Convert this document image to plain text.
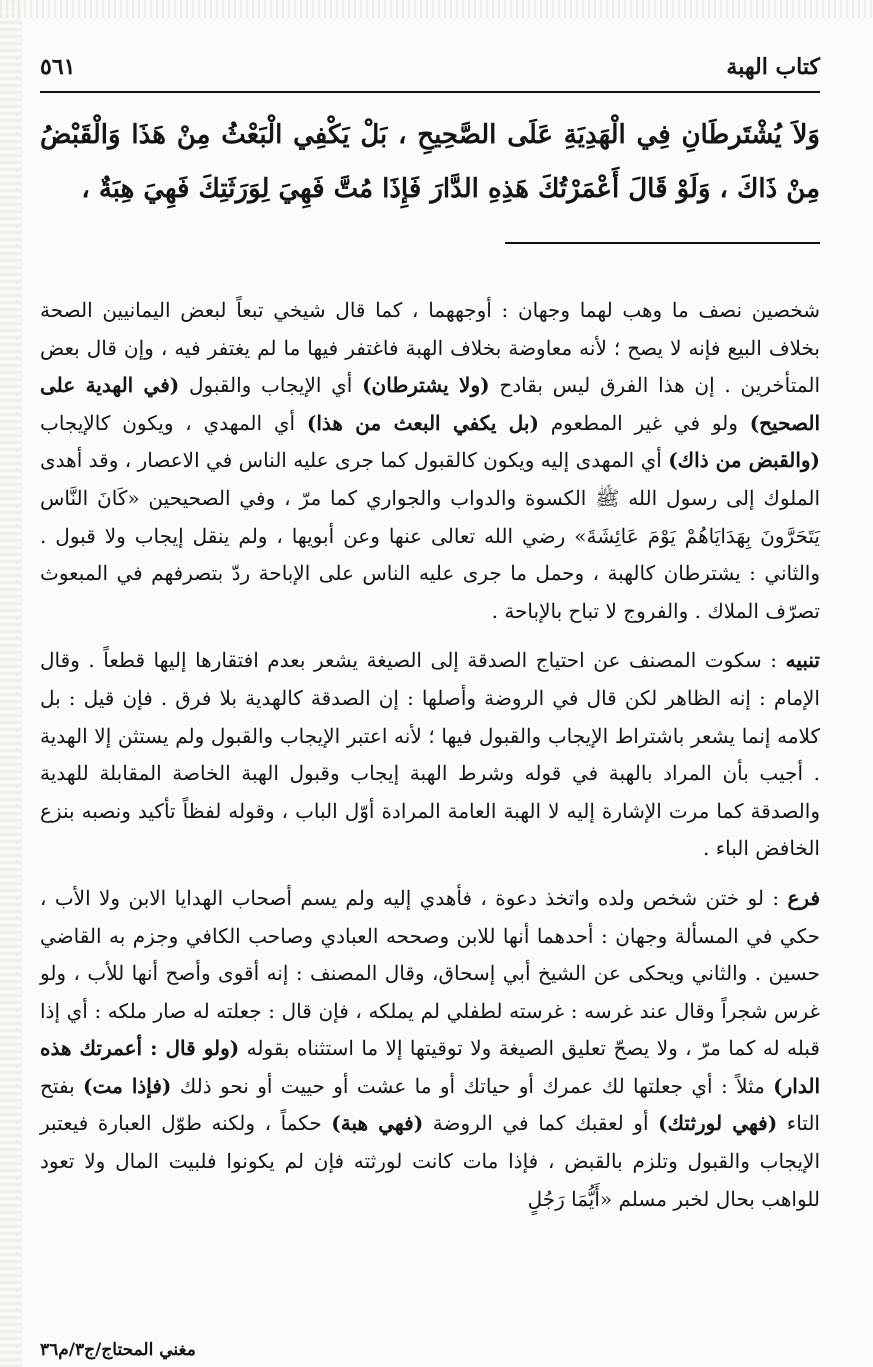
كتاب الهبة
٥٦١

وَلاَ يُشْتَرطَانِ فِي الْهَدِيَةِ عَلَى الصَّحِيحِ ، بَلْ يَكْفِي الْبَعْثُ مِنْ هَذَا وَالْقَبْضُ مِنْ ذَاكَ ، وَلَوْ قَالَ أَعْمَرْتُكَ هَذِهِ الدَّارَ فَإِذَا مُتَّ فَهِيَ لِوَرَثَتِكَ فَهِيَ هِبَةٌ ،

شخصين نصف ما وهب لهما وجهان : أوجههما ، كما قال شيخي تبعاً لبعض اليمانيين الصحة بخلاف البيع فإنه لا يصح ؛ لأنه معاوضة بخلاف الهبة فاغتفر فيها ما لم يغتفر فيه ، وإن قال بعض المتأخرين . إن هذا الفرق ليس بقادح (ولا يشترطان) أي الإيجاب والقبول (في الهدية على الصحيح) ولو في غير المطعوم (بل يكفي البعث من هذا) أي المهدي ، ويكون كالإيجاب (والقبض من ذاك) أي المهدى إليه ويكون كالقبول كما جرى عليه الناس في الاعصار ، وقد أهدى الملوك إلى رسول الله ﷺ الكسوة والدواب والجواري كما مرّ ، وفي الصحيحين «كَانَ النَّاس يَتَحَرَّونَ بِهَدَايَاهُمْ يَوْمَ عَائِشَةَ» رضي الله تعالى عنها وعن أبويها ، ولم ينقل إيجاب ولا قبول . والثاني : يشترطان كالهبة ، وحمل ما جرى عليه الناس على الإباحة ردّ بتصرفهم في المبعوث تصرّف الملاك . والفروج لا تباح بالإباحة .

تنبيه : سكوت المصنف عن احتياج الصدقة إلى الصيغة يشعر بعدم افتقارها إليها قطعاً . وقال الإمام : إنه الظاهر لكن قال في الروضة وأصلها : إن الصدقة كالهدية بلا فرق . فإن قيل : بل كلامه إنما يشعر باشتراط الإيجاب والقبول فيها ؛ لأنه اعتبر الإيجاب والقبول ولم يستثن إلا الهدية . أجيب بأن المراد بالهبة في قوله وشرط الهبة إيجاب وقبول الهبة الخاصة المقابلة للهدية والصدقة كما مرت الإشارة إليه لا الهبة العامة المرادة أوّل الباب ، وقوله لفظاً تأكيد ونصبه بنزع الخافض الباء .

فرع : لو ختن شخص ولده واتخذ دعوة ، فأهدي إليه ولم يسم أصحاب الهدايا الابن ولا الأب ، حكي في المسألة وجهان : أحدهما أنها للابن وصححه العبادي وصاحب الكافي وجزم به القاضي حسين . والثاني ويحكى عن الشيخ أبي إسحاق، وقال المصنف : إنه أقوى وأصح أنها للأب ، ولو غرس شجراً وقال عند غرسه : غرسته لطفلي لم يملكه ، فإن قال : جعلته له صار ملكه : أي إذا قبله له كما مرّ ، ولا يصحّ تعليق الصيغة ولا توقيتها إلا ما استثناه بقوله (ولو قال : أعمرتك هذه الدار) مثلاً : أي جعلتها لك عمرك أو حياتك أو ما عشت أو حييت أو نحو ذلك (فإذا مت) بفتح التاء (فهي لورثتك) أو لعقبك كما في الروضة (فهي هبة) حكماً ، ولكنه طوّل العبارة فيعتبر الإيجاب والقبول وتلزم بالقبض ، فإذا مات كانت لورثته فإن لم يكونوا فلبيت المال ولا تعود للواهب بحال لخبر مسلم «أَيُّمَا رَجُلٍ

مغني المحتاج/ج٣/م٣٦
